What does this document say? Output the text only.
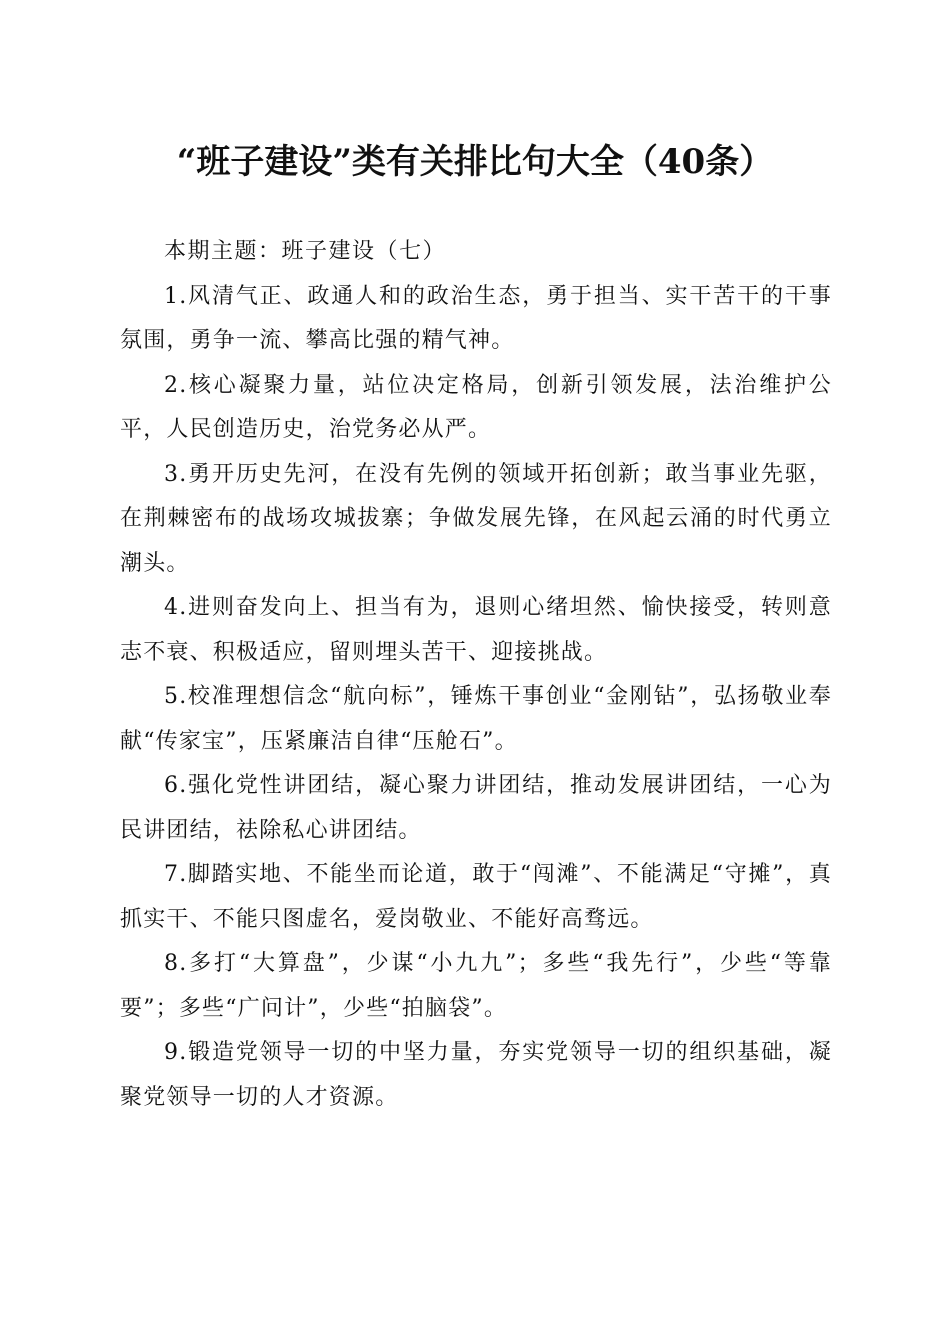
“班子建设”类有关排比句大全（40条）

本期主题：班子建设（七）

1.风清气正、政通人和的政治生态，勇于担当、实干苦干的干事氛围，勇争一流、攀高比强的精气神。

2.核心凝聚力量，站位决定格局，创新引领发展，法治维护公平，人民创造历史，治党务必从严。

3.勇开历史先河，在没有先例的领域开拓创新；敢当事业先驱，在荆棘密布的战场攻城拔寨；争做发展先锋，在风起云涌的时代勇立潮头。

4.进则奋发向上、担当有为，退则心绪坦然、愉快接受，转则意志不衰、积极适应，留则埋头苦干、迎接挑战。

5.校准理想信念“航向标”，锤炼干事创业“金刚钻”，弘扬敬业奉献“传家宝”，压紧廉洁自律“压舱石”。

6.强化党性讲团结，凝心聚力讲团结，推动发展讲团结，一心为民讲团结，祛除私心讲团结。

7.脚踏实地、不能坐而论道，敢于“闯滩”、不能满足“守摊”，真抓实干、不能只图虚名，爱岗敬业、不能好高骛远。

8.多打“大算盘”，少谋“小九九”；多些“我先行”，少些“等靠要”；多些“广问计”，少些“拍脑袋”。

9.锻造党领导一切的中坚力量，夯实党领导一切的组织基础，凝聚党领导一切的人才资源。
